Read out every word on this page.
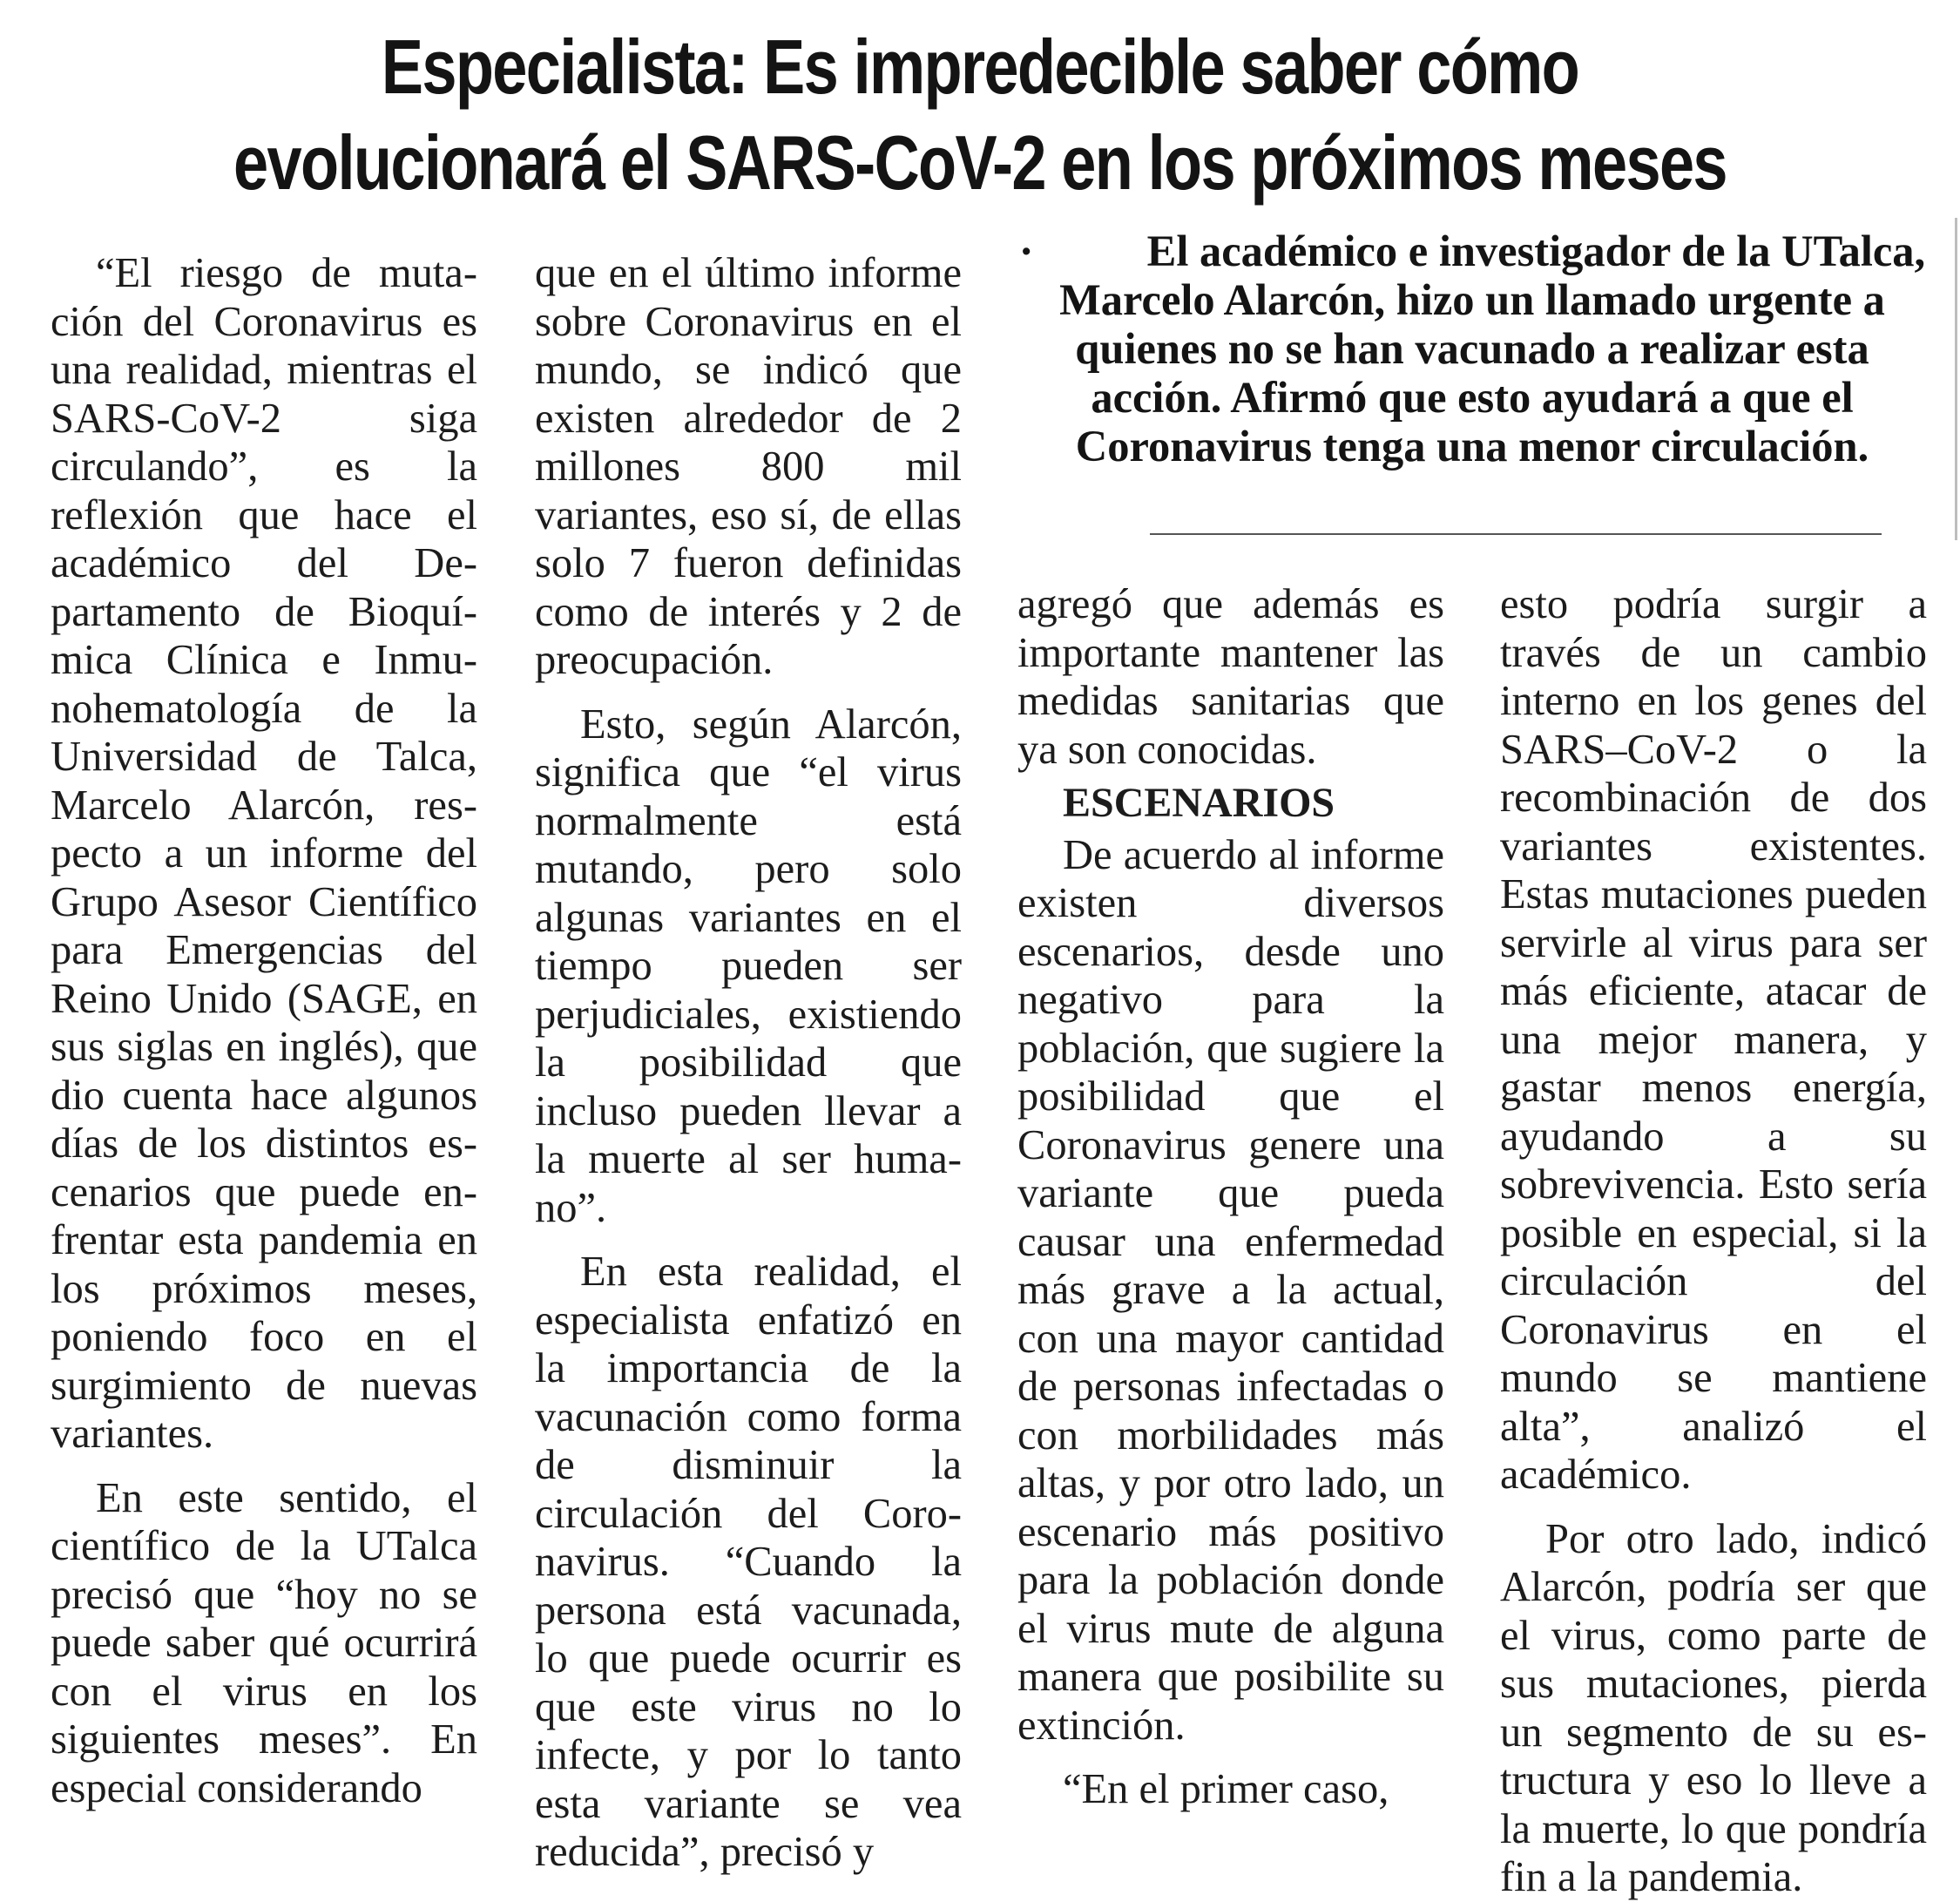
Especialista: Es impredecible saber cómo
evolucionará el SARS-CoV-2 en los próximos meses
·	El académico e investigador de la UTalca, Marcelo Alarcón, hizo un llamado urgente a quienes no se han vacunado a realizar esta acción. Afirmó que esto ayudará a que el Coronavirus tenga una menor circulación.

“El riesgo de mutación del Coronavirus es una realidad, mientras el SARS-CoV-2 siga circulando”, es la reflexión que hace el académico del Departamento de Bioquímica Clínica e Inmunohematología de la Universidad de Talca, Marcelo Alarcón, respecto a un informe del Grupo Asesor Científico para Emergencias del Reino Unido (SAGE, en sus siglas en inglés), que dio cuenta hace algunos días de los distintos escenarios que puede enfrentar esta pandemia en los próximos meses, poniendo foco en el surgimiento de nuevas variantes.

En este sentido, el científico de la UTalca precisó que “hoy no se puede saber qué ocurrirá con el virus en los siguientes meses”. En especial considerando

que en el último informe sobre Coronavirus en el mundo, se indicó que existen alrededor de 2 millones 800 mil variantes, eso sí, de ellas solo 7 fueron definidas como de interés y 2 de preocupación.

Esto, según Alarcón, significa que “el virus normalmente está mutando, pero solo algunas variantes en el tiempo pueden ser perjudiciales, existiendo la posibilidad que incluso pueden llevar a la muerte al ser humano”.

En esta realidad, el especialista enfatizó en la importancia de la vacunación como forma de disminuir la circulación del Coronavirus. “Cuando la persona está vacunada, lo que puede ocurrir es que este virus no lo infecte, y por lo tanto esta variante se vea reducida”, precisó y

agregó que además es importante mantener las medidas sanitarias que ya son conocidas.

ESCENARIOS

De acuerdo al informe existen diversos escenarios, desde uno negativo para la población, que sugiere la posibilidad que el Coronavirus genere una variante que pueda causar una enfermedad más grave a la actual, con una mayor cantidad de personas infectadas o con morbilidades más altas, y por otro lado, un escenario más positivo para la población donde el virus mute de alguna manera que posibilite su extinción.

“En el primer caso,

esto podría surgir a través de un cambio interno en los genes del SARS–CoV-2 o la recombinación de dos variantes existentes. Estas mutaciones pueden servirle al virus para ser más eficiente, atacar de una mejor manera, y gastar menos energía, ayudando a su sobrevivencia. Esto sería posible en especial, si la circulación del Coronavirus en el mundo se mantiene alta”, analizó el académico.

Por otro lado, indicó Alarcón, podría ser que el virus, como parte de sus mutaciones, pierda un segmento de su estructura y eso lo lleve a la muerte, lo que pondría fin a la pandemia.
